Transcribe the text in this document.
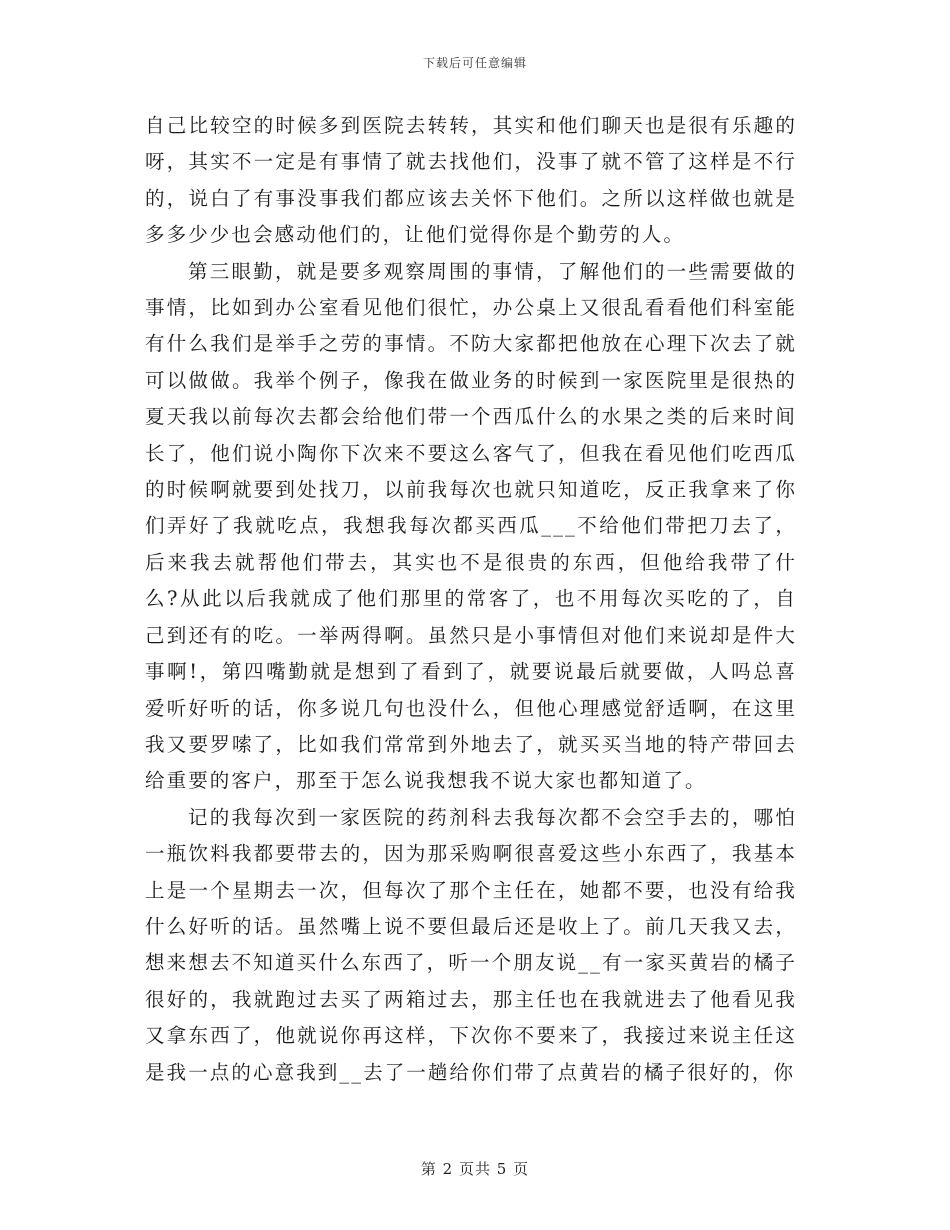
下载后可任意编辑

自己比较空的时候多到医院去转转，其实和他们聊天也是很有乐趣的呀，其实不一定是有事情了就去找他们，没事了就不管了这样是不行的，说白了有事没事我们都应该去关怀下他们。之所以这样做也就是多多少少也会感动他们的，让他们觉得你是个勤劳的人。

第三眼勤，就是要多观察周围的事情，了解他们的一些需要做的事情，比如到办公室看见他们很忙，办公桌上又很乱看看他们科室能有什么我们是举手之劳的事情。不防大家都把他放在心理下次去了就可以做做。我举个例子，像我在做业务的时候到一家医院里是很热的夏天我以前每次去都会给他们带一个西瓜什么的水果之类的后来时间长了，他们说小陶你下次来不要这么客气了，但我在看见他们吃西瓜的时候啊就要到处找刀，以前我每次也就只知道吃，反正我拿来了你们弄好了我就吃点，我想我每次都买西瓜___不给他们带把刀去了，后来我去就帮他们带去，其实也不是很贵的东西，但他给我带了什么?从此以后我就成了他们那里的常客了，也不用每次买吃的了，自己到还有的吃。一举两得啊。虽然只是小事情但对他们来说却是件大事啊!，第四嘴勤就是想到了看到了，就要说最后就要做，人吗总喜爱听好听的话，你多说几句也没什么，但他心理感觉舒适啊，在这里我又要罗嗦了，比如我们常常到外地去了，就买买当地的特产带回去给重要的客户，那至于怎么说我想我不说大家也都知道了。

记的我每次到一家医院的药剂科去我每次都不会空手去的，哪怕一瓶饮料我都要带去的，因为那采购啊很喜爱这些小东西了，我基本上是一个星期去一次，但每次了那个主任在，她都不要，也没有给我什么好听的话。虽然嘴上说不要但最后还是收上了。前几天我又去，想来想去不知道买什么东西了，听一个朋友说__有一家买黄岩的橘子很好的，我就跑过去买了两箱过去，那主任也在我就进去了他看见我又拿东西了，他就说你再这样，下次你不要来了，我接过来说主任这是我一点的心意我到__去了一趟给你们带了点黄岩的橘子很好的，你

第 2 页共 5 页
